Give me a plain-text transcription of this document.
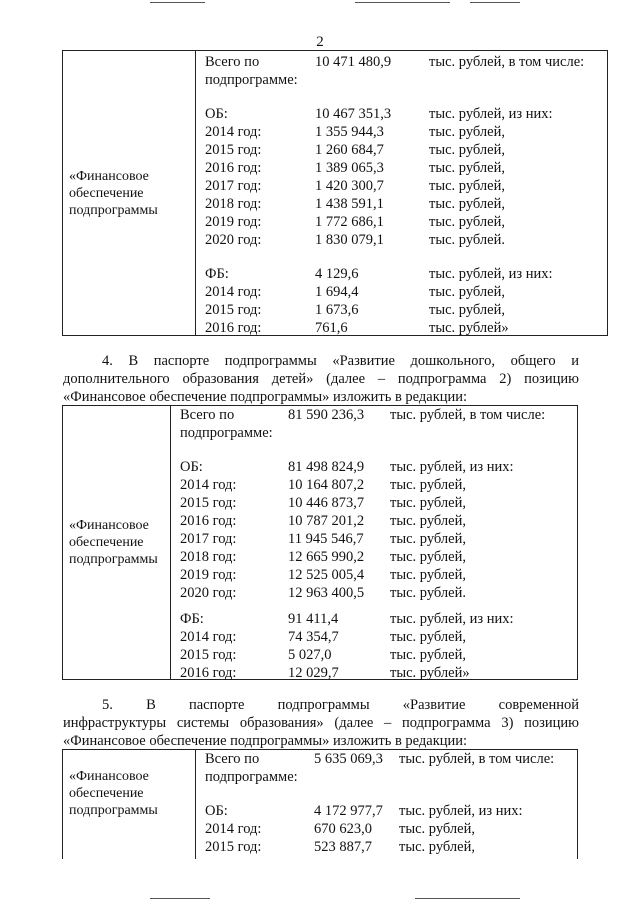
2
«Финансовое
обеспечение
подпрограммы
Всего по	10 471 480,9	тыс. рублей, в том числе:
подпрограмме:
ОБ:	10 467 351,3	тыс. рублей, из них:
2014 год:	1 355 944,3	тыс. рублей,
2015 год:	1 260 684,7	тыс. рублей,
2016 год:	1 389 065,3	тыс. рублей,
2017 год:	1 420 300,7	тыс. рублей,
2018 год:	1 438 591,1	тыс. рублей,
2019 год:	1 772 686,1	тыс. рублей,
2020 год:	1 830 079,1	тыс. рублей.
ФБ:	4 129,6	тыс. рублей, из них:
2014 год:	1 694,4	тыс. рублей,
2015 год:	1 673,6	тыс. рублей,
2016 год:	761,6	тыс. рублей»
4. В паспорте подпрограммы «Развитие дошкольного, общего и
дополнительного образования детей» (далее – подпрограмма 2) позицию
«Финансовое обеспечение подпрограммы» изложить в редакции:
«Финансовое
обеспечение
подпрограммы
Всего по	81 590 236,3 тыс. рублей, в том числе:
подпрограмме:
ОБ:	81 498 824,9 тыс. рублей, из них:
2014 год:	10 164 807,2 тыс. рублей,
2015 год:	10 446 873,7 тыс. рублей,
2016 год:	10 787 201,2 тыс. рублей,
2017 год:	11 945 546,7 тыс. рублей,
2018 год:	12 665 990,2 тыс. рублей,
2019 год:	12 525 005,4 тыс. рублей,
2020 год:	12 963 400,5 тыс. рублей.
ФБ:	91 411,4	тыс. рублей, из них:
2014 год:	74 354,7	тыс. рублей,
2015 год:	5 027,0	тыс. рублей,
2016 год:	12 029,7	тыс. рублей»
5. В паспорте подпрограммы «Развитие современной
инфраструктуры системы образования» (далее – подпрограмма 3) позицию
«Финансовое обеспечение подпрограммы» изложить в редакции:
«Финансовое
обеспечение
подпрограммы
Всего по	5 635 069,3 тыс. рублей, в том числе:
подпрограмме:
ОБ:	4 172 977,7 тыс. рублей, из них:
2014 год:	670 623,0 тыс. рублей,
2015 год:	523 887,7 тыс. рублей,
